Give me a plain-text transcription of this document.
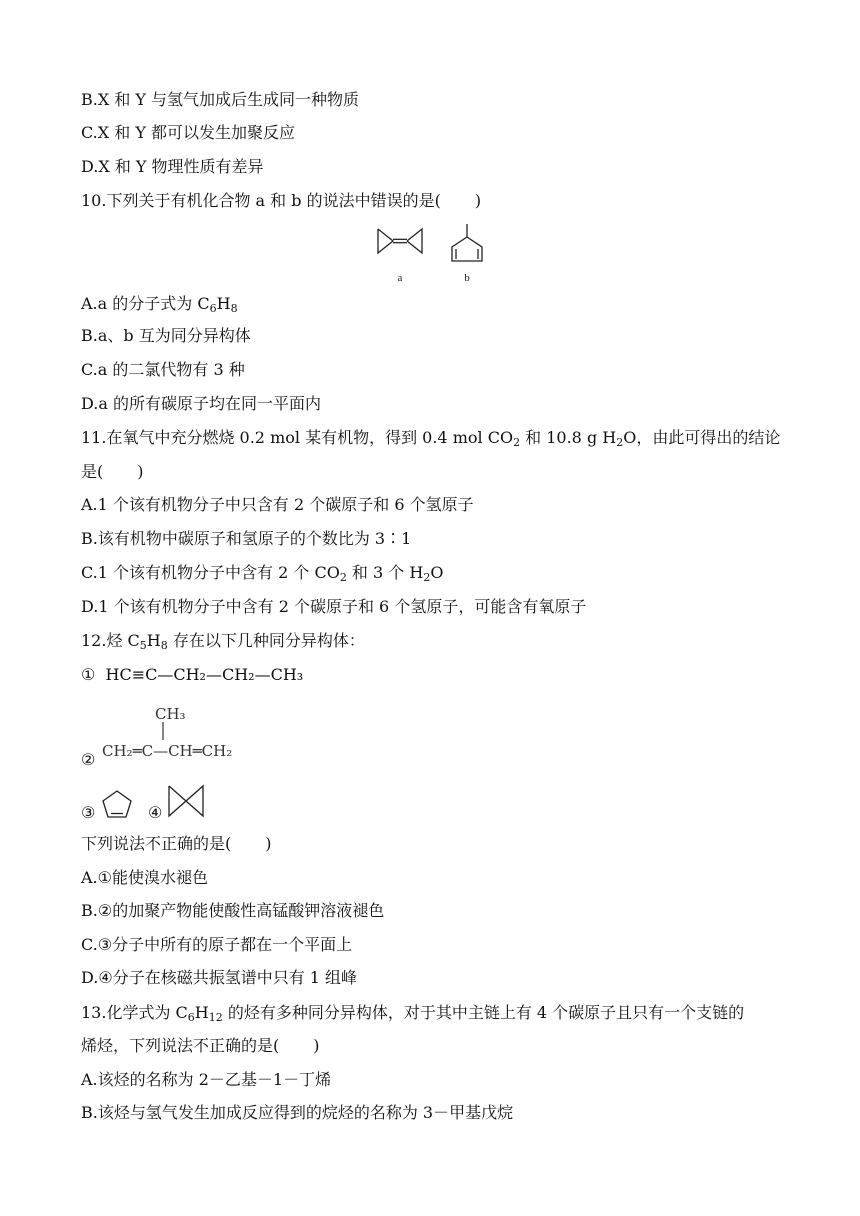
B.X 和 Y 与氢气加成后生成同一种物质
C.X 和 Y 都可以发生加聚反应
D.X 和 Y 物理性质有差异
10.下列关于有机化合物 a 和 b 的说法中错误的是( )
a	b
A.a 的分子式为 $C_6H_8$
B.a、b 互为同分异构体
C.a 的二氯代物有 3 种
D.a 的所有碳原子均在同一平面内
11.在氧气中充分燃烧 0.2 mol 某有机物，得到 0.4 mol $CO_2$ 和 10.8 g $H_2O$，由此可得出的结论
是( )
A.1 个该有机物分子中只含有 2 个碳原子和 6 个氢原子
B.该有机物中碳原子和氢原子的个数比为 3∶1
C.1 个该有机物分子中含有 2 个 $CO_2$ 和 3 个 $H_2O$
D.1 个该有机物分子中含有 2 个碳原子和 6 个氢原子，可能含有氧原子
12.烃 $C_5H_8$ 存在以下几种同分异构体：
① HC≡C—CH₂—CH₂—CH₃
②
CH₃
CH₂═C—CH═CH₂
③	④
下列说法不正确的是( )
A.①能使溴水褪色
B.②的加聚产物能使酸性高锰酸钾溶液褪色
C.③分子中所有的原子都在一个平面上
D.④分子在核磁共振氢谱中只有 1 组峰
13.化学式为 $C_6H_{12}$ 的烃有多种同分异构体，对于其中主链上有 4 个碳原子且只有一个支链的
烯烃，下列说法不正确的是( )
A.该烃的名称为 2－乙基－1－丁烯
B.该烃与氢气发生加成反应得到的烷烃的名称为 3－甲基戊烷
